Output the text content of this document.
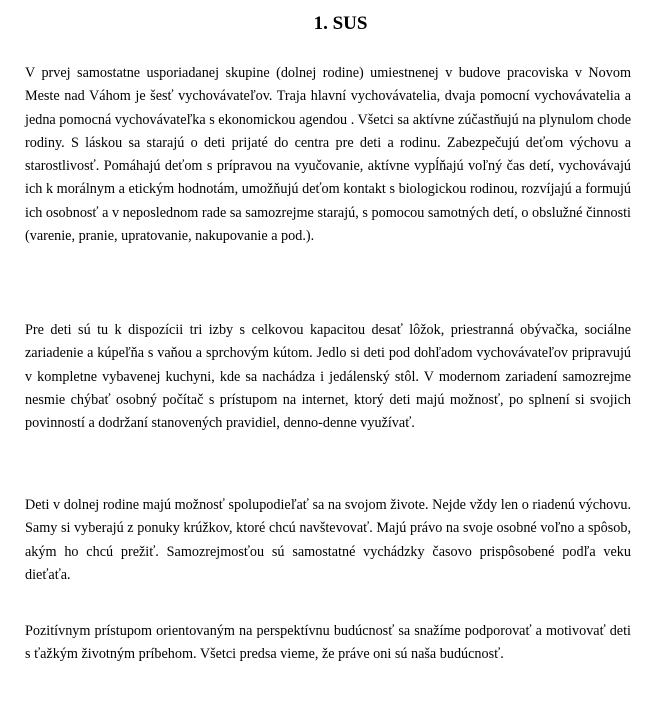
1. SUS

V prvej samostatne usporiadanej skupine (dolnej rodine) umiestnenej v budove pracoviska v Novom Meste nad Váhom je šesť vychovávateľov. Traja hlavní vychovávatelia, dvaja pomocní vychovávatelia a jedna pomocná vychovávateľka s ekonomickou agendou . Všetci sa aktívne zúčastňujú na plynulom chode rodiny. S láskou sa starajú o deti prijaté do centra pre deti a rodinu. Zabezpečujú deťom výchovu a starostlivosť. Pomáhajú deťom s prípravou na vyučovanie, aktívne vypĺňajú voľný čas detí, vychovávajú ich k morálnym a etickým hodnotám, umožňujú deťom kontakt s biologickou rodinou, rozvíjajú a formujú ich osobnosť a v neposlednom rade sa samozrejme starajú, s pomocou samotných detí, o obslužné činnosti (varenie, pranie, upratovanie, nakupovanie a pod.).

Pre deti sú tu k dispozícii tri izby s celkovou kapacitou desať lôžok, priestranná obývačka, sociálne zariadenie a kúpeľňa s vaňou a sprchovým kútom. Jedlo si deti pod dohľadom vychovávateľov pripravujú v kompletne vybavenej kuchyni, kde sa nachádza i jedálenský stôl. V modernom zariadení samozrejme nesmie chýbať osobný počítač s prístupom na internet, ktorý deti majú možnosť, po splnení si svojich povinností a dodržaní stanovených pravidiel, denno-denne využívať.

Deti v dolnej rodine majú možnosť spolupodieľať sa na svojom živote. Nejde vždy len o riadenú výchovu. Samy si vyberajú z ponuky krúžkov, ktoré chcú navštevovať. Majú právo na svoje osobné voľno a spôsob, akým ho chcú prežiť. Samozrejmosťou sú samostatné vychádzky časovo prispôsobené podľa veku dieťaťa.

Pozitívnym prístupom orientovaným na perspektívnu budúcnosť sa snažíme podporovať a motivovať deti s ťažkým životným príbehom. Všetci predsa vieme, že práve oni sú naša budúcnosť.
